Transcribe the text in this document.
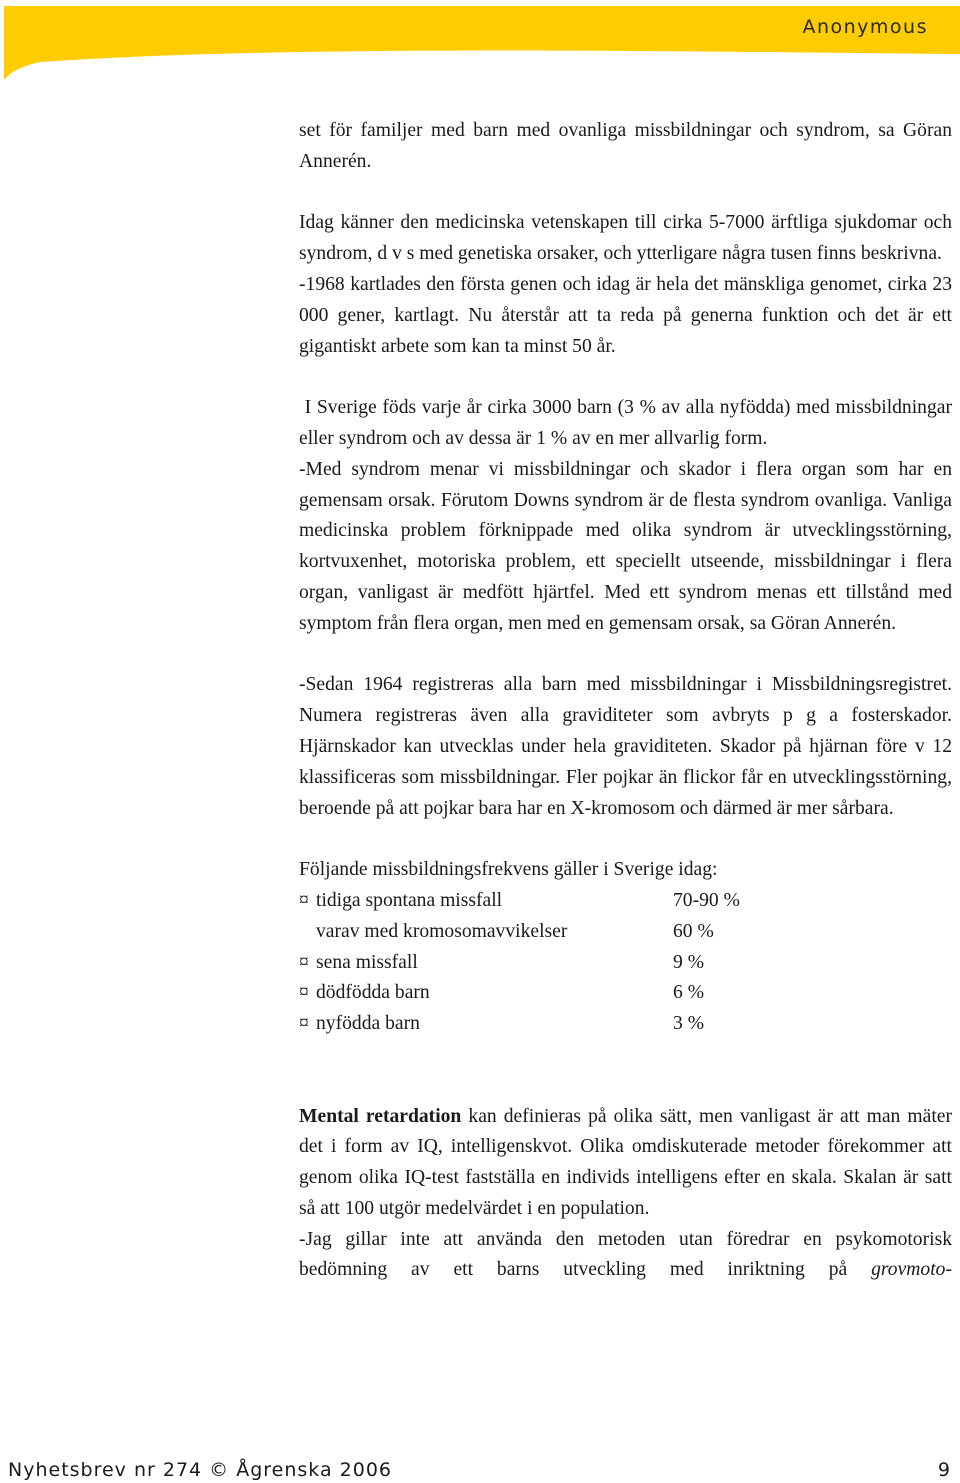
Anonymous

set för familjer med barn med ovanliga missbildningar och syndrom, sa Göran Annerén.

Idag känner den medicinska vetenskapen till cirka 5-7000 ärftliga sjukdomar och syndrom, d v s med genetiska orsaker, och ytterligare några tusen finns beskrivna.

-1968 kartlades den första genen och idag är hela det mänskliga genomet, cirka 23 000 gener, kartlagt. Nu återstår att ta reda på generna funktion och det är ett gigantiskt arbete som kan ta minst 50 år.

I Sverige föds varje år cirka 3000 barn (3 % av alla nyfödda) med missbildningar eller syndrom och av dessa är 1 % av en mer allvarlig form.

-Med syndrom menar vi missbildningar och skador i flera organ som har en gemensam orsak. Förutom Downs syndrom är de flesta syndrom ovanliga. Vanliga medicinska problem förknippade med olika syndrom är utvecklingsstörning, kortvuxenhet, motoriska problem, ett speciellt utseende, missbildningar i flera organ, vanligast är medfött hjärtfel. Med ett syndrom menas ett tillstånd med symptom från flera organ, men med en gemensam orsak, sa Göran Annerén.

-Sedan 1964 registreras alla barn med missbildningar i Missbildningsregistret. Numera registreras även alla graviditeter som avbryts p g a fosterskador. Hjärnskador kan utvecklas under hela graviditeten. Skador på hjärnan före v 12 klassificeras som missbildningar. Fler pojkar än flickor får en utvecklingsstörning, beroende på att pojkar bara har en X-kromosom och därmed är mer sårbara.

Följande missbildningsfrekvens gäller i Sverige idag:

¤ tidiga spontana missfall	70-90 %
varav med kromosomavvikelser	60 %
¤ sena missfall	9 %
¤ dödfödda barn	6 %
¤ nyfödda barn	3 %

Mental retardation kan definieras på olika sätt, men vanligast är att man mäter det i form av IQ, intelligenskvot. Olika omdiskuterade metoder förekommer att genom olika IQ-test fastställa en individs intelligens efter en skala. Skalan är satt så att 100 utgör medelvärdet i en population.

-Jag gillar inte att använda den metoden utan föredrar en psykomotorisk bedömning av ett barns utveckling med inriktning på grovmoto-

Nyhetsbrev nr 274 © Ågrenska 2006	9
